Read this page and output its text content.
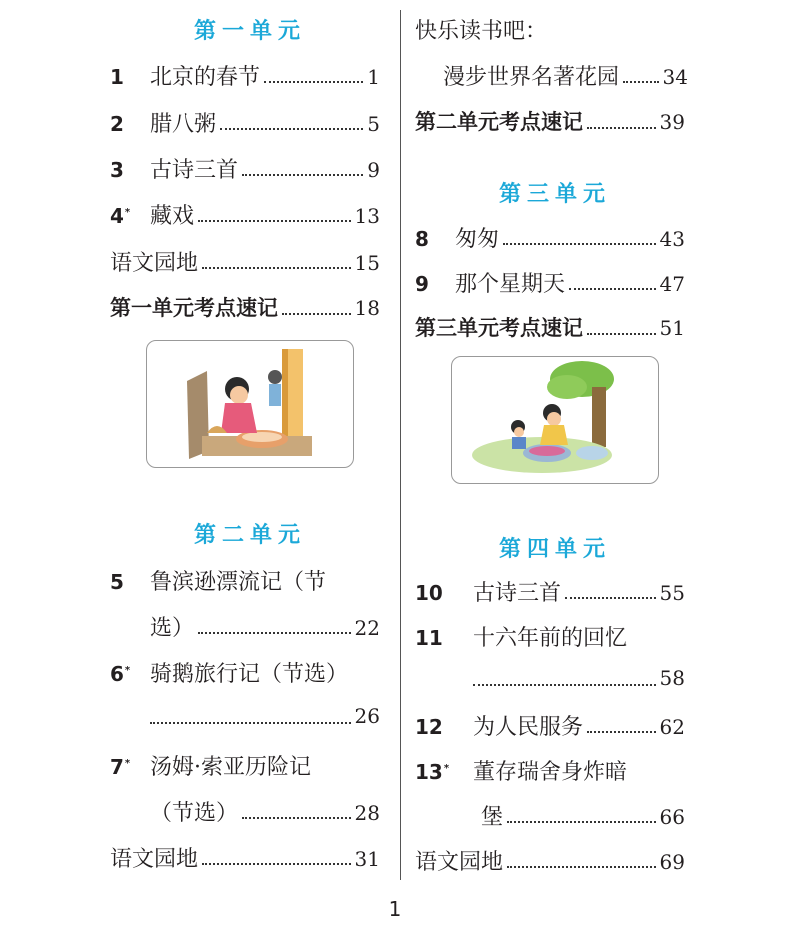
第一单元
1	北京的春节	1
2	腊八粥	5
3	古诗三首	9
4* 藏戏	13
语文园地	15
第一单元考点速记	18
第二单元
5	鲁滨逊漂流记（节
选）	22
6* 骑鹅旅行记（节选）
26
7* 汤姆·索亚历险记
（节选）	28
语文园地	31
快乐读书吧：
漫步世界名著花园 34
第二单元考点速记	39
第三单元
8	匆匆	43
9	那个星期天	47
第三单元考点速记	51
第四单元
10	古诗三首	55
11	十六年前的回忆
58
12	为人民服务	62
13*	董存瑞舍身炸暗
堡	66
语文园地	69
1
